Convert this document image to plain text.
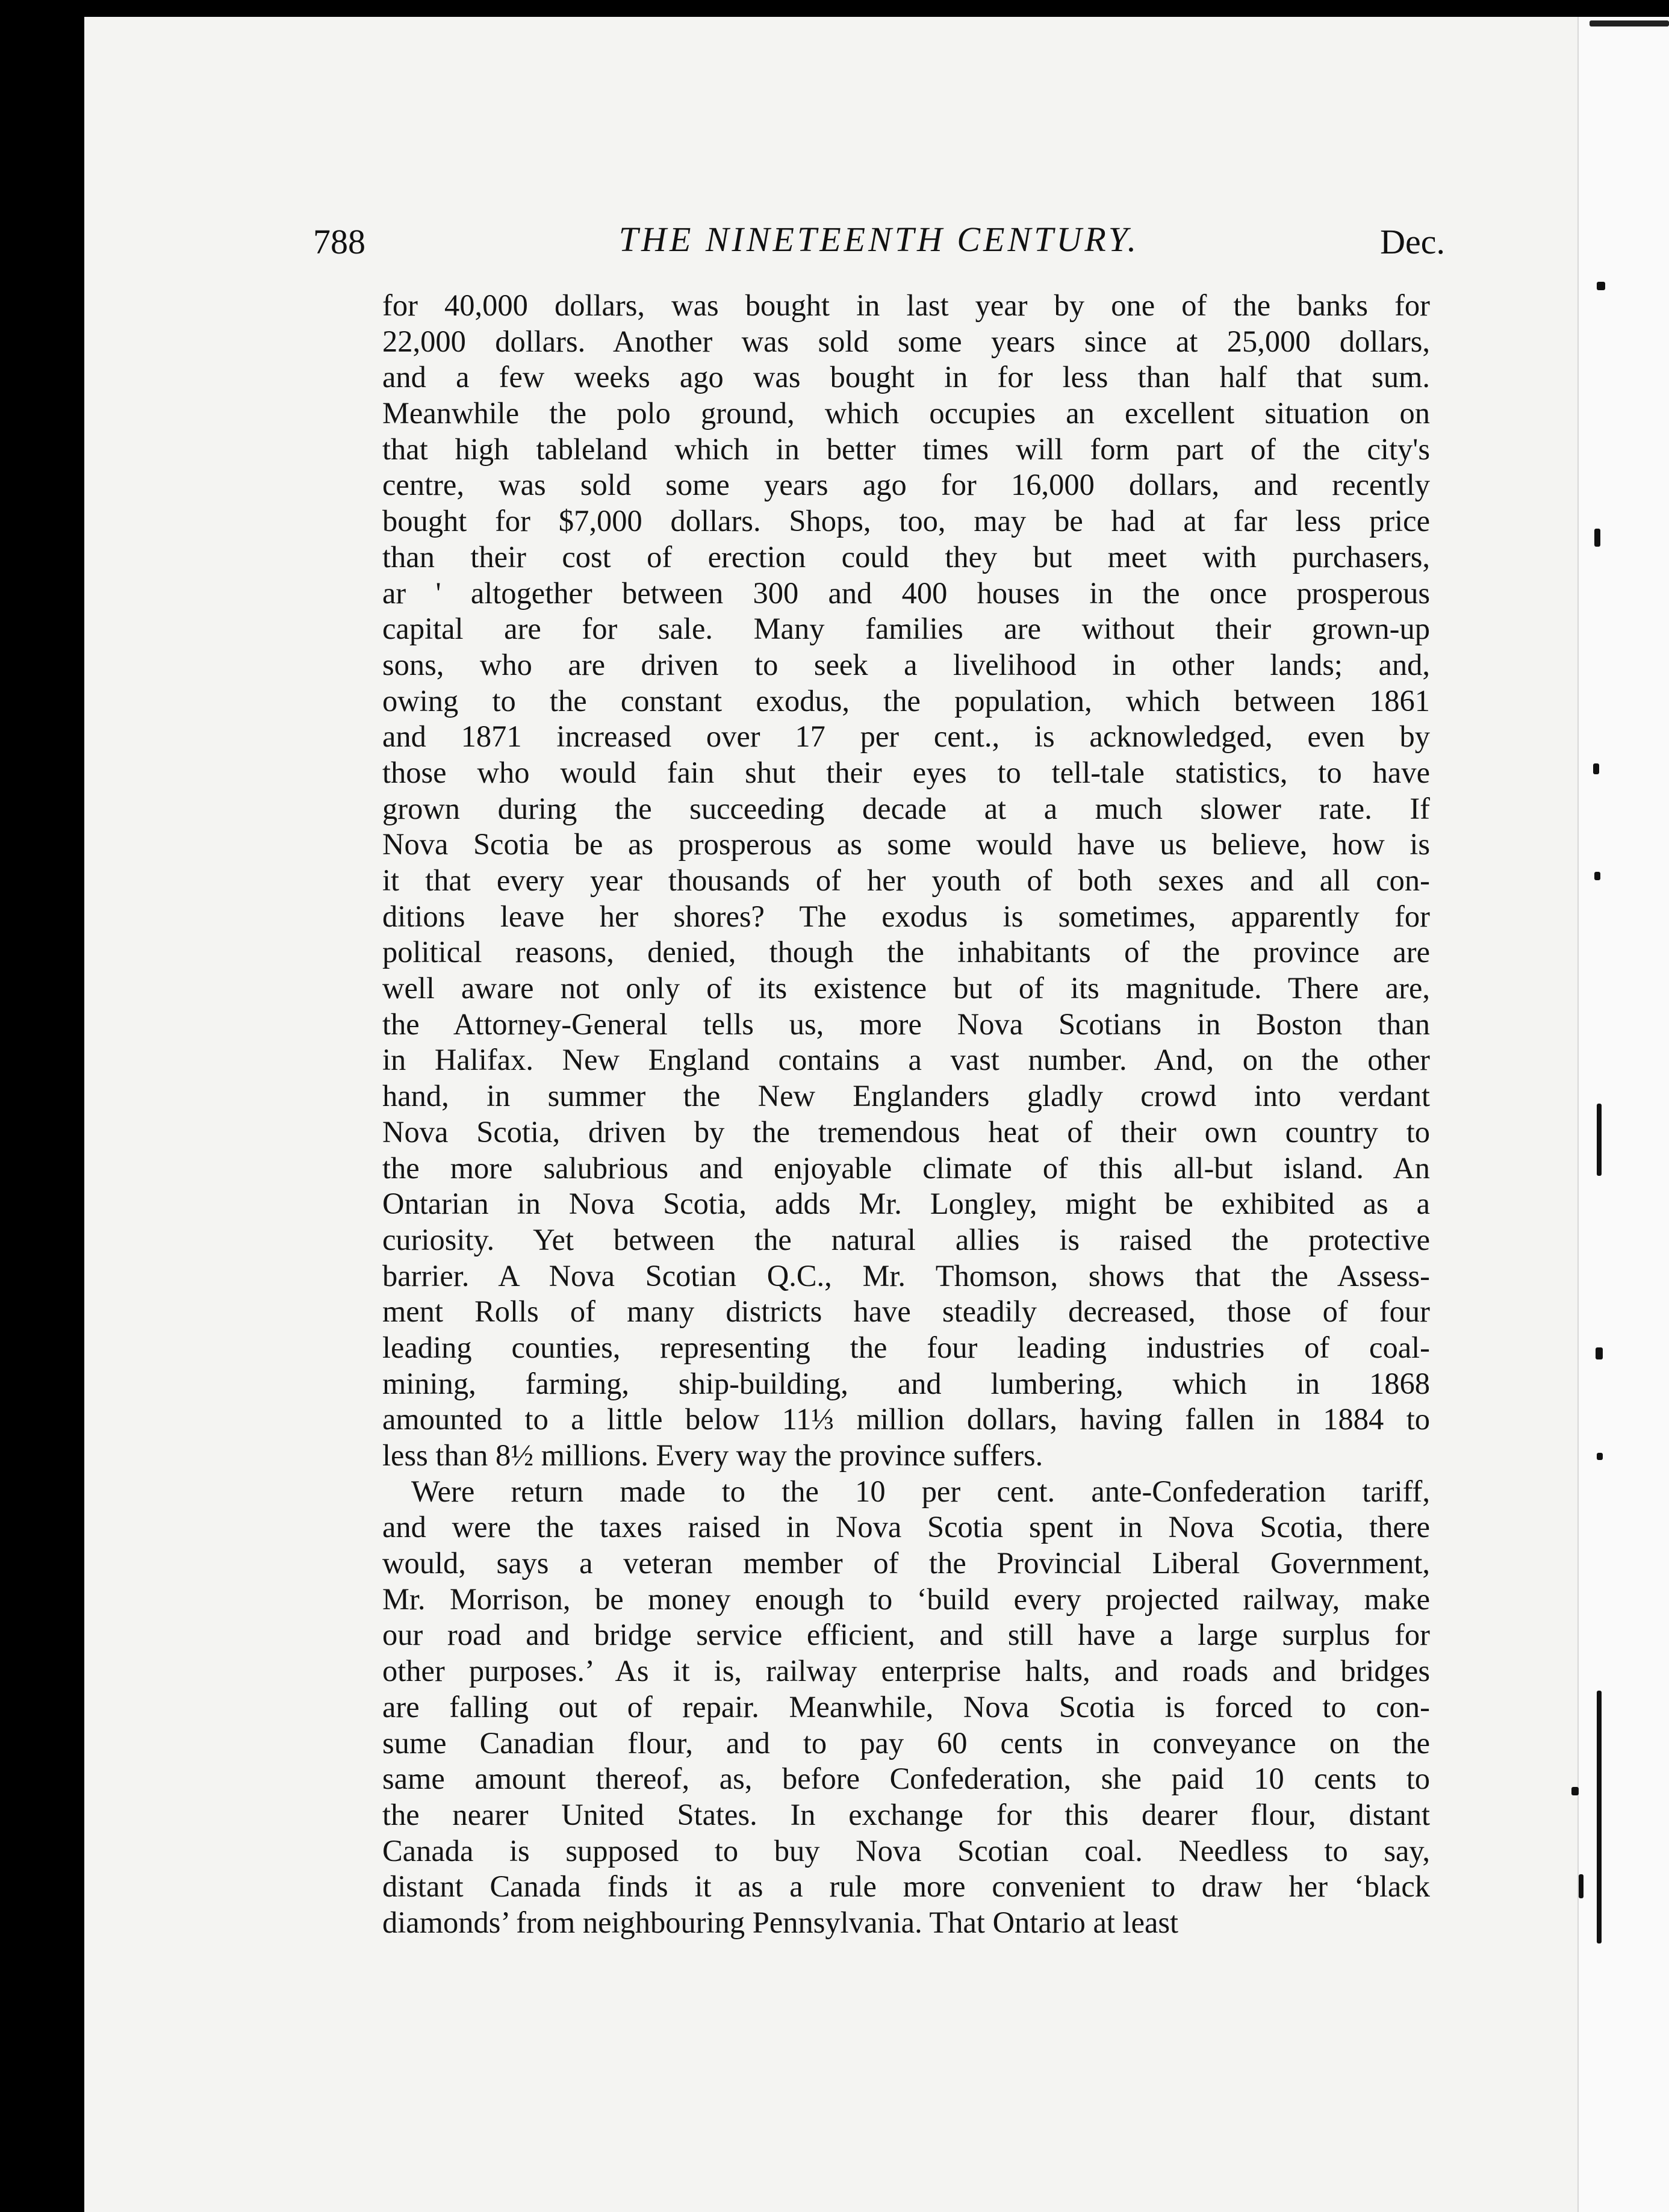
788	THE NINETEENTH CENTURY.	Dec.
for 40,000 dollars, was bought in last year by one of the banks for
22,000 dollars. Another was sold some years since at 25,000 dollars,
and a few weeks ago was bought in for less than half that sum.
Meanwhile the polo ground, which occupies an excellent situation on
that high tableland which in better times will form part of the city's
centre, was sold some years ago for 16,000 dollars, and recently
bought for $7,000 dollars. Shops, too, may be had at far less price
than their cost of erection could they but meet with purchasers,
ar ' altogether between 300 and 400 houses in the once prosperous
capital are for sale. Many families are without their grown-up
sons, who are driven to seek a livelihood in other lands; and,
owing to the constant exodus, the population, which between 1861
and 1871 increased over 17 per cent., is acknowledged, even by
those who would fain shut their eyes to tell-tale statistics, to have
grown during the succeeding decade at a much slower rate. If
Nova Scotia be as prosperous as some would have us believe, how is
it that every year thousands of her youth of both sexes and all con-
ditions leave her shores? The exodus is sometimes, apparently for
political reasons, denied, though the inhabitants of the province are
well aware not only of its existence but of its magnitude. There are,
the Attorney-General tells us, more Nova Scotians in Boston than
in Halifax. New England contains a vast number. And, on the other
hand, in summer the New Englanders gladly crowd into verdant
Nova Scotia, driven by the tremendous heat of their own country to
the more salubrious and enjoyable climate of this all-but island. An
Ontarian in Nova Scotia, adds Mr. Longley, might be exhibited as a
curiosity. Yet between the natural allies is raised the protective
barrier. A Nova Scotian Q.C., Mr. Thomson, shows that the Assess-
ment Rolls of many districts have steadily decreased, those of four
leading counties, representing the four leading industries of coal-
mining, farming, ship-building, and lumbering, which in 1868
amounted to a little below 11⅓ million dollars, having fallen in 1884 to
less than 8½ millions. Every way the province suffers.
Were return made to the 10 per cent. ante-Confederation tariff,
and were the taxes raised in Nova Scotia spent in Nova Scotia, there
would, says a veteran member of the Provincial Liberal Government,
Mr. Morrison, be money enough to ‘build every projected railway, make
our road and bridge service efficient, and still have a large surplus for
other purposes.’ As it is, railway enterprise halts, and roads and bridges
are falling out of repair. Meanwhile, Nova Scotia is forced to con-
sume Canadian flour, and to pay 60 cents in conveyance on the
same amount thereof, as, before Confederation, she paid 10 cents to
the nearer United States. In exchange for this dearer flour, distant
Canada is supposed to buy Nova Scotian coal. Needless to say,
distant Canada finds it as a rule more convenient to draw her ‘black
diamonds’ from neighbouring Pennsylvania. That Ontario at least
